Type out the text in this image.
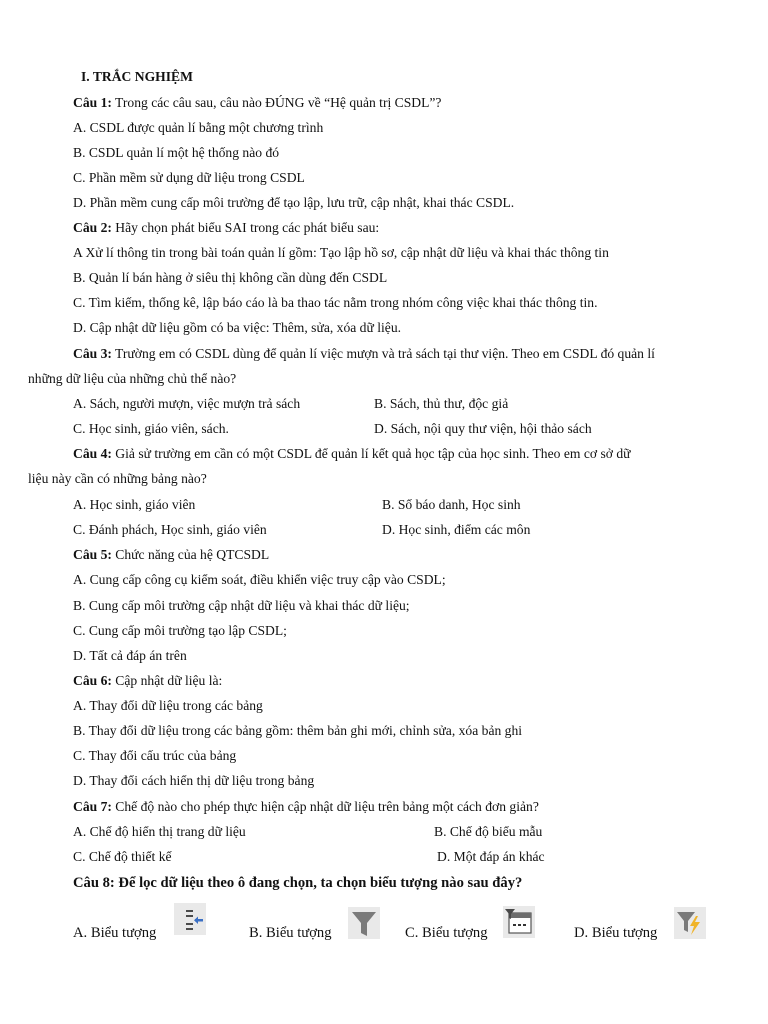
I. TRẮC NGHIỆM
Câu 1: Trong các câu sau, câu nào ĐÚNG về “Hệ quản trị CSDL”?
A. CSDL được quản lí bằng một chương trình
B. CSDL quản lí một hệ thống nào đó
C. Phần mềm sử dụng dữ liệu trong CSDL
D. Phần mềm cung cấp môi trường để tạo lập, lưu trữ, cập nhật, khai thác CSDL.
Câu 2: Hãy chọn phát biểu SAI trong các phát biểu sau:
A Xử lí thông tin trong bài toán quản lí gồm: Tạo lập hồ sơ, cập nhật dữ liệu và khai thác thông tin
B. Quản lí bán hàng ở siêu thị không cần dùng đến CSDL
C. Tìm kiếm, thống kê, lập báo cáo là ba thao tác nằm trong nhóm công việc khai thác thông tin.
D. Cập nhật dữ liệu gồm có ba việc: Thêm, sửa, xóa dữ liệu.
Câu 3: Trường em có CSDL dùng để quản lí việc mượn và trả sách tại thư viện. Theo em CSDL đó quản lí
những dữ liệu của những chủ thể nào?
A. Sách, người mượn, việc mượn trả sách	B. Sách, thủ thư, độc giả
C. Học sinh, giáo viên, sách.	D. Sách, nội quy thư viện, hội thảo sách
Câu 4: Giả sử trường em cần có một CSDL để quản lí kết quả học tập của học sinh. Theo em cơ sở dữ
liệu này cần có những bảng nào?
A. Học sinh, giáo viên	B. Số báo danh, Học sinh
C. Đánh phách, Học sinh, giáo viên	D. Học sinh, điểm các môn
Câu 5: Chức năng của hệ QTCSDL
A. Cung cấp công cụ kiểm soát, điều khiển việc truy cập vào CSDL;
B. Cung cấp môi trường cập nhật dữ liệu và khai thác dữ liệu;
C. Cung cấp môi trường tạo lập CSDL;
D. Tất cả đáp án trên
Câu 6: Cập nhật dữ liệu là:
A. Thay đổi dữ liệu trong các bảng
B. Thay đổi dữ liệu trong các bảng gồm: thêm bản ghi mới, chỉnh sửa, xóa bản ghi
C. Thay đổi cấu trúc của bảng
D. Thay đổi cách hiển thị dữ liệu trong bảng
Câu 7: Chế độ nào cho phép thực hiện cập nhật dữ liệu trên bảng một cách đơn giản?
A. Chế độ hiển thị trang dữ liệu	B. Chế độ biểu mẫu
C. Chế độ thiết kế	D. Một đáp án khác
Câu 8: Để lọc dữ liệu theo ô đang chọn, ta chọn biểu tượng nào sau đây?
A. Biểu tượng	B. Biểu tượng	C. Biểu tượng	D. Biểu tượng
